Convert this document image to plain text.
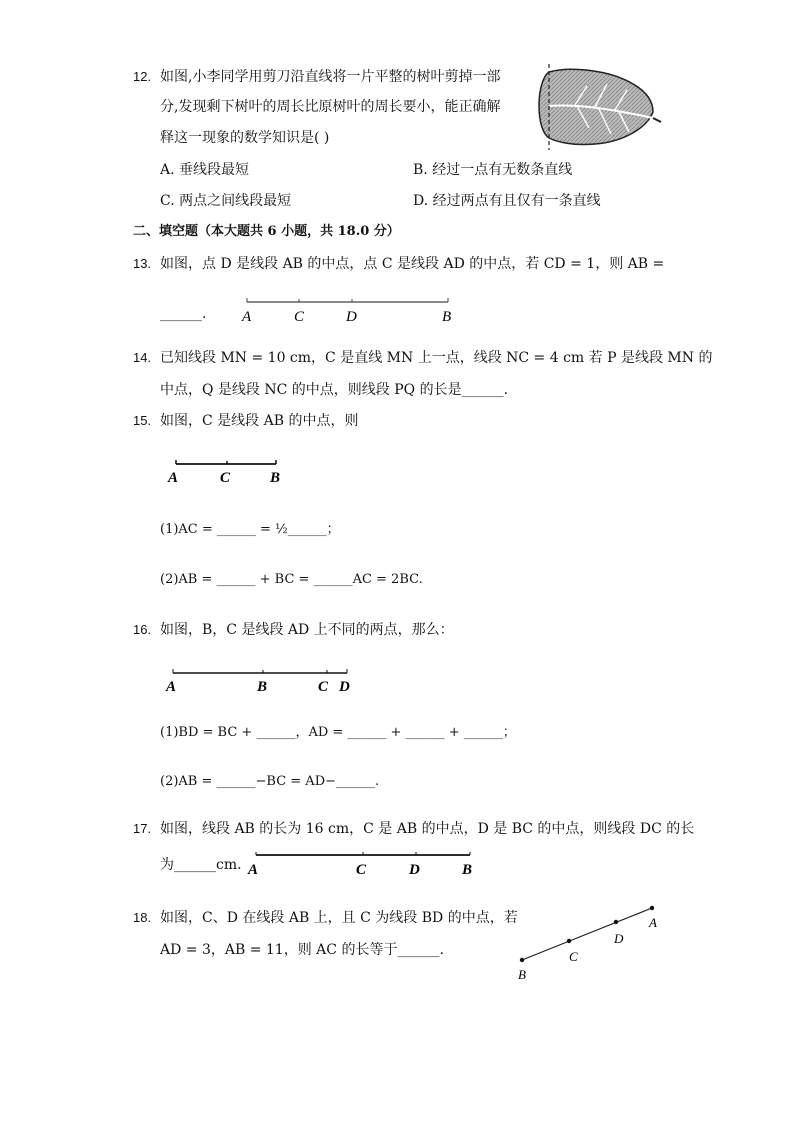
12. 如图,小李同学用剪刀沿直线将一片平整的树叶剪掉一部
分,发现剩下树叶的周长比原树叶的周长要小，能正确解
释这一现象的数学知识是( )
A. 垂线段最短	B. 经过一点有无数条直线
C. 两点之间线段最短	D. 经过两点有且仅有一条直线
二、填空题（本大题共 6 小题，共 18.0 分）
13. 如图，点 D 是线段 AB 的中点，点 C 是线段 AD 的中点，若 CD = 1，则 AB =
______. A	C	D	B
14. 已知线段 MN = 10 cm，C 是直线 MN 上一点，线段 NC = 4 cm 若 P 是线段 MN 的
中点，Q 是线段 NC 的中点，则线段 PQ 的长是______.
15. 如图，C 是线段 AB 的中点，则
A	C	B
(1)AC = ______ = ½______；
(2)AB = ______ + BC = ______AC = 2BC.
16. 如图，B，C 是线段 AD 上不同的两点，那么：
A	B	C D
(1)BD = BC + ______，AD = ______ + ______ + ______；
(2)AB = ______−BC = AD−______.
17. 如图，线段 AB 的长为 16 cm，C 是 AB 的中点，D 是 BC 的中点，则线段 DC 的长
为______cm. A	C	D	B
18. 如图，C、D 在线段 AB 上，且 C 为线段 BD 的中点，若
AD = 3，AB = 11，则 AC 的长等于______.
A
D
C
B
